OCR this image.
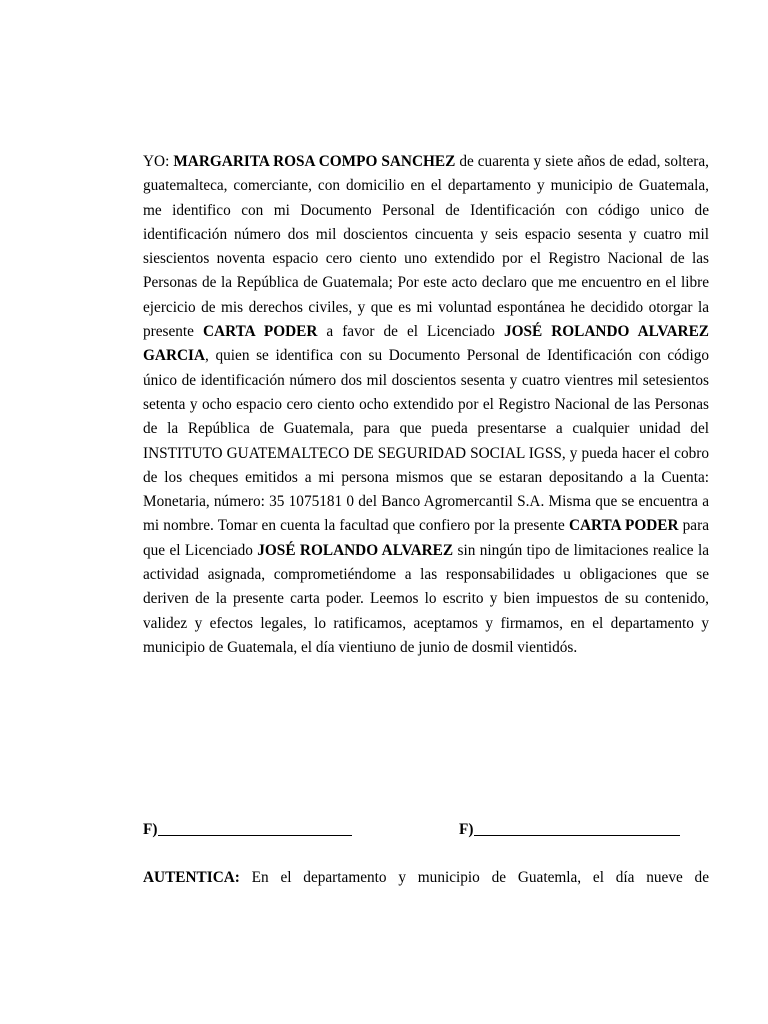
YO: MARGARITA ROSA COMPO SANCHEZ de cuarenta y siete años de edad, soltera, guatemalteca, comerciante, con domicilio en el departamento y municipio de Guatemala, me identifico con mi Documento Personal de Identificación con código unico de identificación número dos mil doscientos cincuenta y seis espacio sesenta y cuatro mil siescientos noventa espacio cero ciento uno extendido por el Registro Nacional de las Personas de la República de Guatemala; Por este acto declaro que me encuentro en el libre ejercicio de mis derechos civiles, y que es mi voluntad espontánea he decidido otorgar la presente CARTA PODER a favor de el Licenciado JOSÉ ROLANDO ALVAREZ GARCIA, quien se identifica con su Documento Personal de Identificación con código único de identificación número dos mil doscientos sesenta y cuatro vientres mil setesientos setenta y ocho espacio cero ciento ocho extendido por el Registro Nacional de las Personas de la República de Guatemala, para que pueda presentarse a cualquier unidad del INSTITUTO GUATEMALTECO DE SEGURIDAD SOCIAL IGSS, y pueda hacer el cobro de los cheques emitidos a mi persona mismos que se estaran depositando a la Cuenta: Monetaria, número: 35 1075181 0 del Banco Agromercantil S.A. Misma que se encuentra a mi nombre. Tomar en cuenta la facultad que confiero por la presente CARTA PODER para que el Licenciado JOSÉ ROLANDO ALVAREZ sin ningún tipo de limitaciones realice la actividad asignada, comprometiéndome a las responsabilidades u obligaciones que se deriven de la presente carta poder. Leemos lo escrito y bien impuestos de su contenido, validez y efectos legales, lo ratificamos, aceptamos y firmamos, en el departamento y municipio de Guatemala, el día vientiuno de junio de dosmil vientidós.

F)	F)
AUTENTICA: En el departamento y municipio de Guatemla, el día nueve de
